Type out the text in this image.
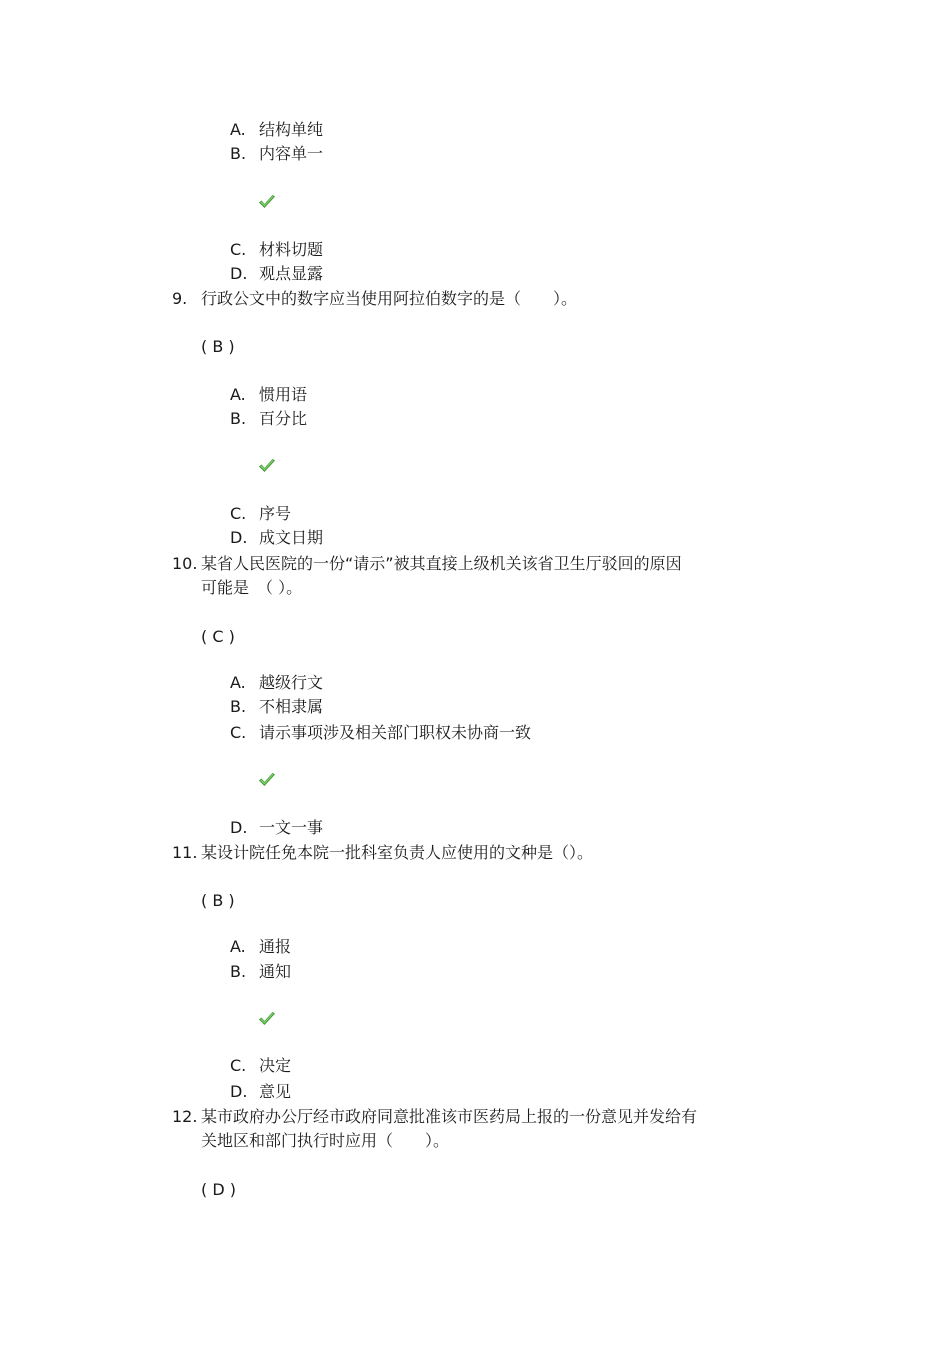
A. 结构单纯
B. 内容单一
C. 材料切题
D. 观点显露
9. 行政公文中的数字应当使用阿拉伯数字的是（　　）。
( B )
A. 惯用语
B. 百分比
C. 序号
D. 成文日期
10. 某省人民医院的一份“请示”被其直接上级机关该省卫生厅驳回的原因
可能是　（ ）。
( C )
A. 越级行文
B. 不相隶属
C. 请示事项涉及相关部门职权未协商一致
D. 一文一事
11. 某设计院任免本院一批科室负责人应使用的文种是（）。
( B )
A. 通报
B. 通知
C. 决定
D. 意见
12. 某市政府办公厅经市政府同意批准该市医药局上报的一份意见并发给有
关地区和部门执行时应用（　　）。
( D )
